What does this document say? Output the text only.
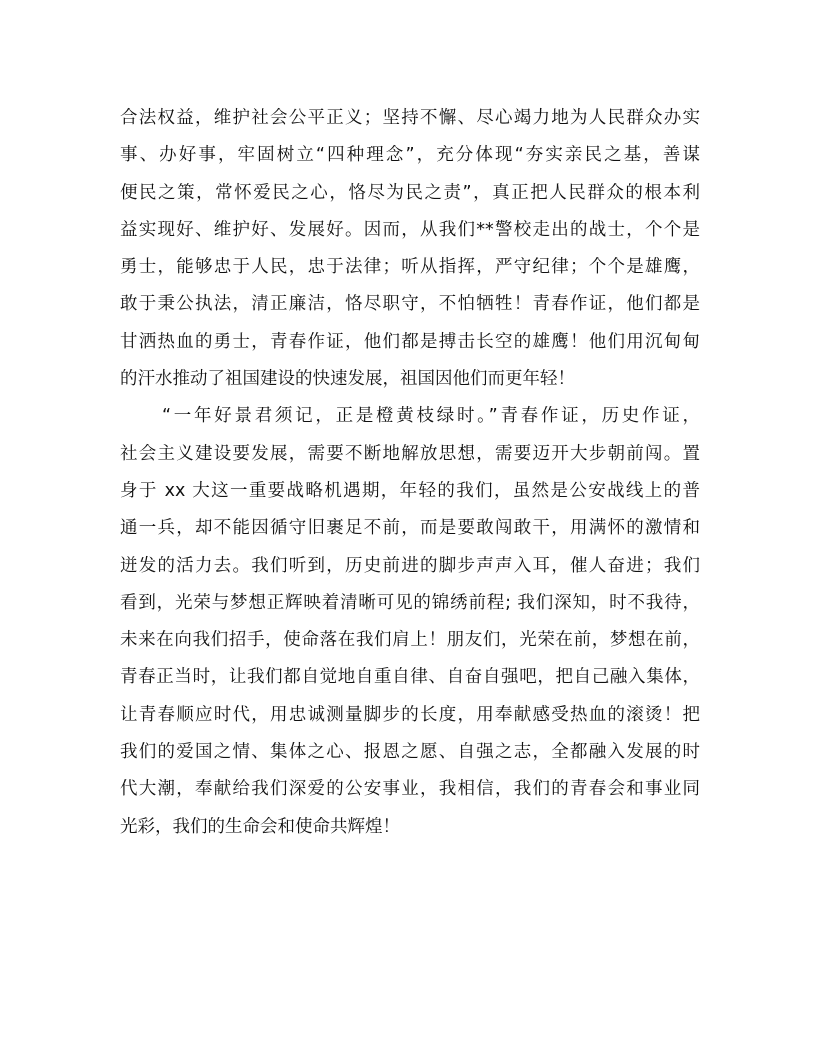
合法权益，维护社会公平正义；坚持不懈、尽心竭力地为人民群众办实
事、办好事，牢固树立“四种理念”，充分体现“夯实亲民之基，善谋
便民之策，常怀爱民之心，恪尽为民之责”，真正把人民群众的根本利
益实现好、维护好、发展好。因而，从我们**警校走出的战士，个个是
勇士，能够忠于人民，忠于法律；听从指挥，严守纪律；个个是雄鹰，
敢于秉公执法，清正廉洁，恪尽职守，不怕牺牲！青春作证，他们都是
甘洒热血的勇士，青春作证，他们都是搏击长空的雄鹰！他们用沉甸甸
的汗水推动了祖国建设的快速发展，祖国因他们而更年轻！
“一年好景君须记，正是橙黄枝绿时。”青春作证，历史作证，
社会主义建设要发展，需要不断地解放思想，需要迈开大步朝前闯。置
身于 xx 大这一重要战略机遇期，年轻的我们，虽然是公安战线上的普
通一兵，却不能因循守旧裹足不前，而是要敢闯敢干，用满怀的激情和
迸发的活力去。我们听到，历史前进的脚步声声入耳，催人奋进；我们
看到，光荣与梦想正辉映着清晰可见的锦绣前程; 我们深知，时不我待，
未来在向我们招手，使命落在我们肩上！朋友们，光荣在前，梦想在前，
青春正当时，让我们都自觉地自重自律、自奋自强吧，把自己融入集体，
让青春顺应时代，用忠诚测量脚步的长度，用奉献感受热血的滚烫！把
我们的爱国之情、集体之心、报恩之愿、自强之志，全都融入发展的时
代大潮，奉献给我们深爱的公安事业，我相信，我们的青春会和事业同
光彩，我们的生命会和使命共辉煌！
